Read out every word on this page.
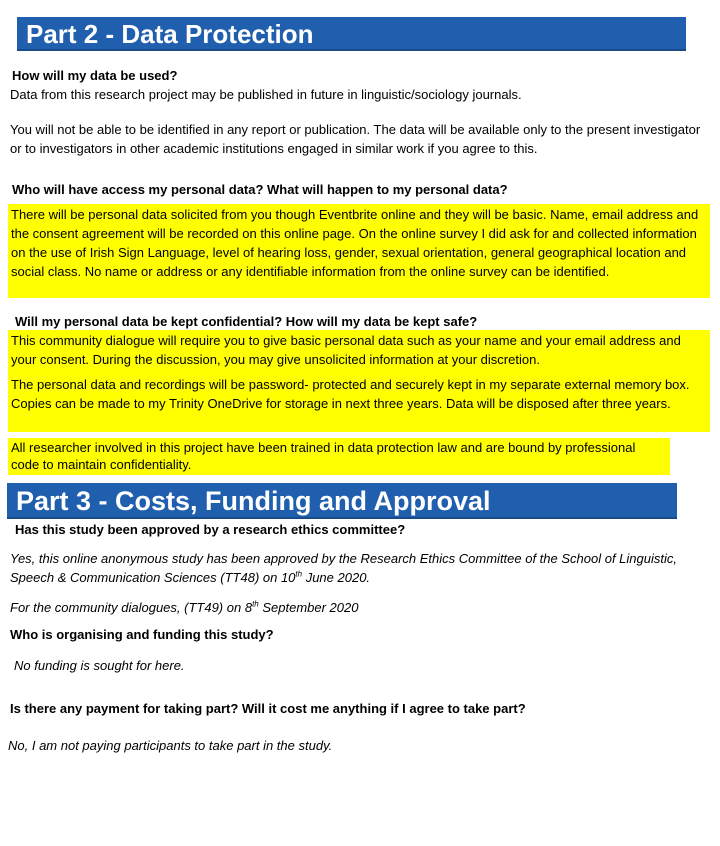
Part 2 - Data Protection
How will my data be used?
Data from this research project may be published in future in linguistic/sociology journals.
You will not be able to be identified in any report or publication. The data will be available only to the present investigator or to investigators in other academic institutions engaged in similar work if you agree to this.
Who will have access my personal data? What will happen to my personal data?
There will be personal data solicited from you though Eventbrite online and they will be basic. Name, email address and the consent agreement will be recorded on this online page. On the online survey I did ask for and collected information on the use of Irish Sign Language, level of hearing loss, gender, sexual orientation, general geographical location and social class. No name or address or any identifiable information from the online survey can be identified.
Will my personal data be kept confidential? How will my data be kept safe?
This community dialogue will require you to give basic personal data such as your name and your email address and your consent. During the discussion, you may give unsolicited information at your discretion.
The personal data and recordings will be password- protected and securely kept in my separate external memory box. Copies can be made to my Trinity OneDrive for storage in next three years. Data will be disposed after three years.
All researcher involved in this project have been trained in data protection law and are bound by professional code to maintain confidentiality.
Part 3 - Costs, Funding and Approval
Has this study been approved by a research ethics committee?
Yes, this online anonymous study has been approved by the Research Ethics Committee of the School of Linguistic, Speech & Communication Sciences (TT48) on 10th June 2020.
For the community dialogues, (TT49) on 8th September 2020
Who is organising and funding this study?
No funding is sought for here.
Is there any payment for taking part? Will it cost me anything if I agree to take part?
No, I am not paying participants to take part in the study.
